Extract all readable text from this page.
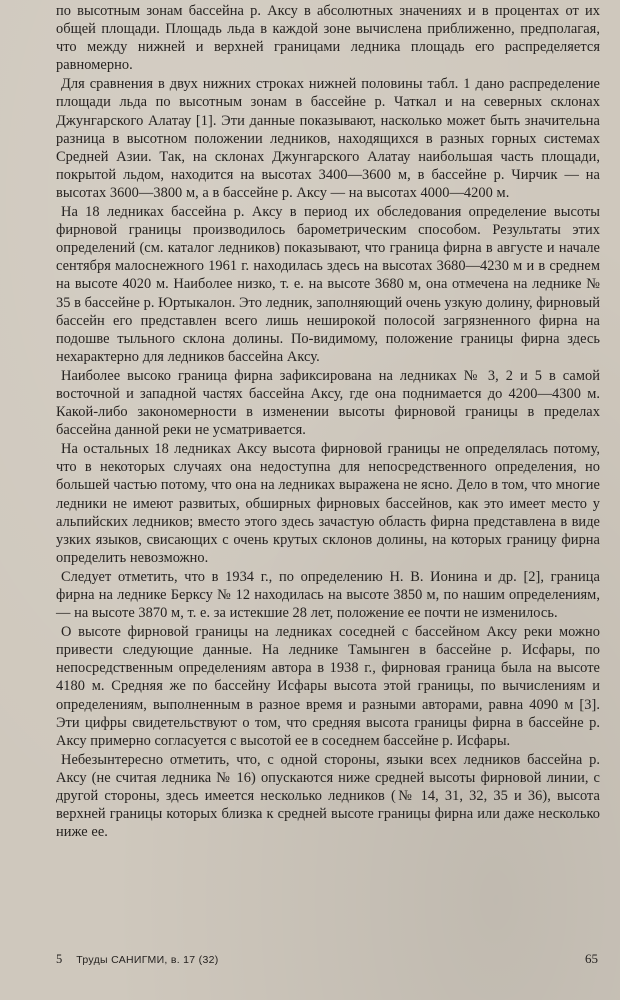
по высотным зонам бассейна р. Аксу в абсолютных значениях и в процентах от их общей площади. Площадь льда в каждой зоне вычислена приближенно, предполагая, что между нижней и верхней границами ледника площадь его распределяется равномерно.

Для сравнения в двух нижних строках нижней половины табл. 1 дано распределение площади льда по высотным зонам в бассейне р. Чаткал и на северных склонах Джунгарского Алатау [1]. Эти данные показывают, насколько может быть значительна разница в высотном положении ледников, находящихся в разных горных системах Средней Азии. Так, на склонах Джунгарского Алатау наибольшая часть площади, покрытой льдом, находится на высотах 3400—3600 м, в бассейне р. Чирчик — на высотах 3600—3800 м, а в бассейне р. Аксу — на высотах 4000—4200 м.

На 18 ледниках бассейна р. Аксу в период их обследования определение высоты фирновой границы производилось барометрическим способом. Результаты этих определений (см. каталог ледников) показывают, что граница фирна в августе и начале сентября малоснежного 1961 г. находилась здесь на высотах 3680—4230 м и в среднем на высоте 4020 м. Наиболее низко, т. е. на высоте 3680 м, она отмечена на леднике № 35 в бассейне р. Юртыкалон. Это ледник, заполняющий очень узкую долину, фирновый бассейн его представлен всего лишь неширокой полосой загрязненного фирна на подошве тыльного склона долины. По-видимому, положение границы фирна здесь нехарактерно для ледников бассейна Аксу.

Наиболее высоко граница фирна зафиксирована на ледниках № 3, 2 и 5 в самой восточной и западной частях бассейна Аксу, где она поднимается до 4200—4300 м. Какой-либо закономерности в изменении высоты фирновой границы в пределах бассейна данной реки не усматривается.

На остальных 18 ледниках Аксу высота фирновой границы не определялась потому, что в некоторых случаях она недоступна для непосредственного определения, но большей частью потому, что она на ледниках выражена не ясно. Дело в том, что многие ледники не имеют развитых, обширных фирновых бассейнов, как это имеет место у альпийских ледников; вместо этого здесь зачастую область фирна представлена в виде узких языков, свисающих с очень крутых склонов долины, на которых границу фирна определить невозможно.

Следует отметить, что в 1934 г., по определению Н. В. Ионина и др. [2], граница фирна на леднике Берксу № 12 находилась на высоте 3850 м, по нашим определениям, — на высоте 3870 м, т. е. за истекшие 28 лет, положение ее почти не изменилось.

О высоте фирновой границы на ледниках соседней с бассейном Аксу реки можно привести следующие данные. На леднике Тамынген в бассейне р. Исфары, по непосредственным определениям автора в 1938 г., фирновая граница была на высоте 4180 м. Средняя же по бассейну Исфары высота этой границы, по вычислениям и определениям, выполненным в разное время и разными авторами, равна 4090 м [3]. Эти цифры свидетельствуют о том, что средняя высота границы фирна в бассейне р. Аксу примерно согласуется с высотой ее в соседнем бассейне р. Исфары.

Небезынтересно отметить, что, с одной стороны, языки всех ледников бассейна р. Аксу (не считая ледника № 16) опускаются ниже средней высоты фирновой линии, с другой стороны, здесь имеется несколько ледников (№ 14, 31, 32, 35 и 36), высота верхней границы которых близка к средней высоте границы фирна или даже несколько ниже ее.

5 Труды САНИГМИ, в. 17 (32)	65
